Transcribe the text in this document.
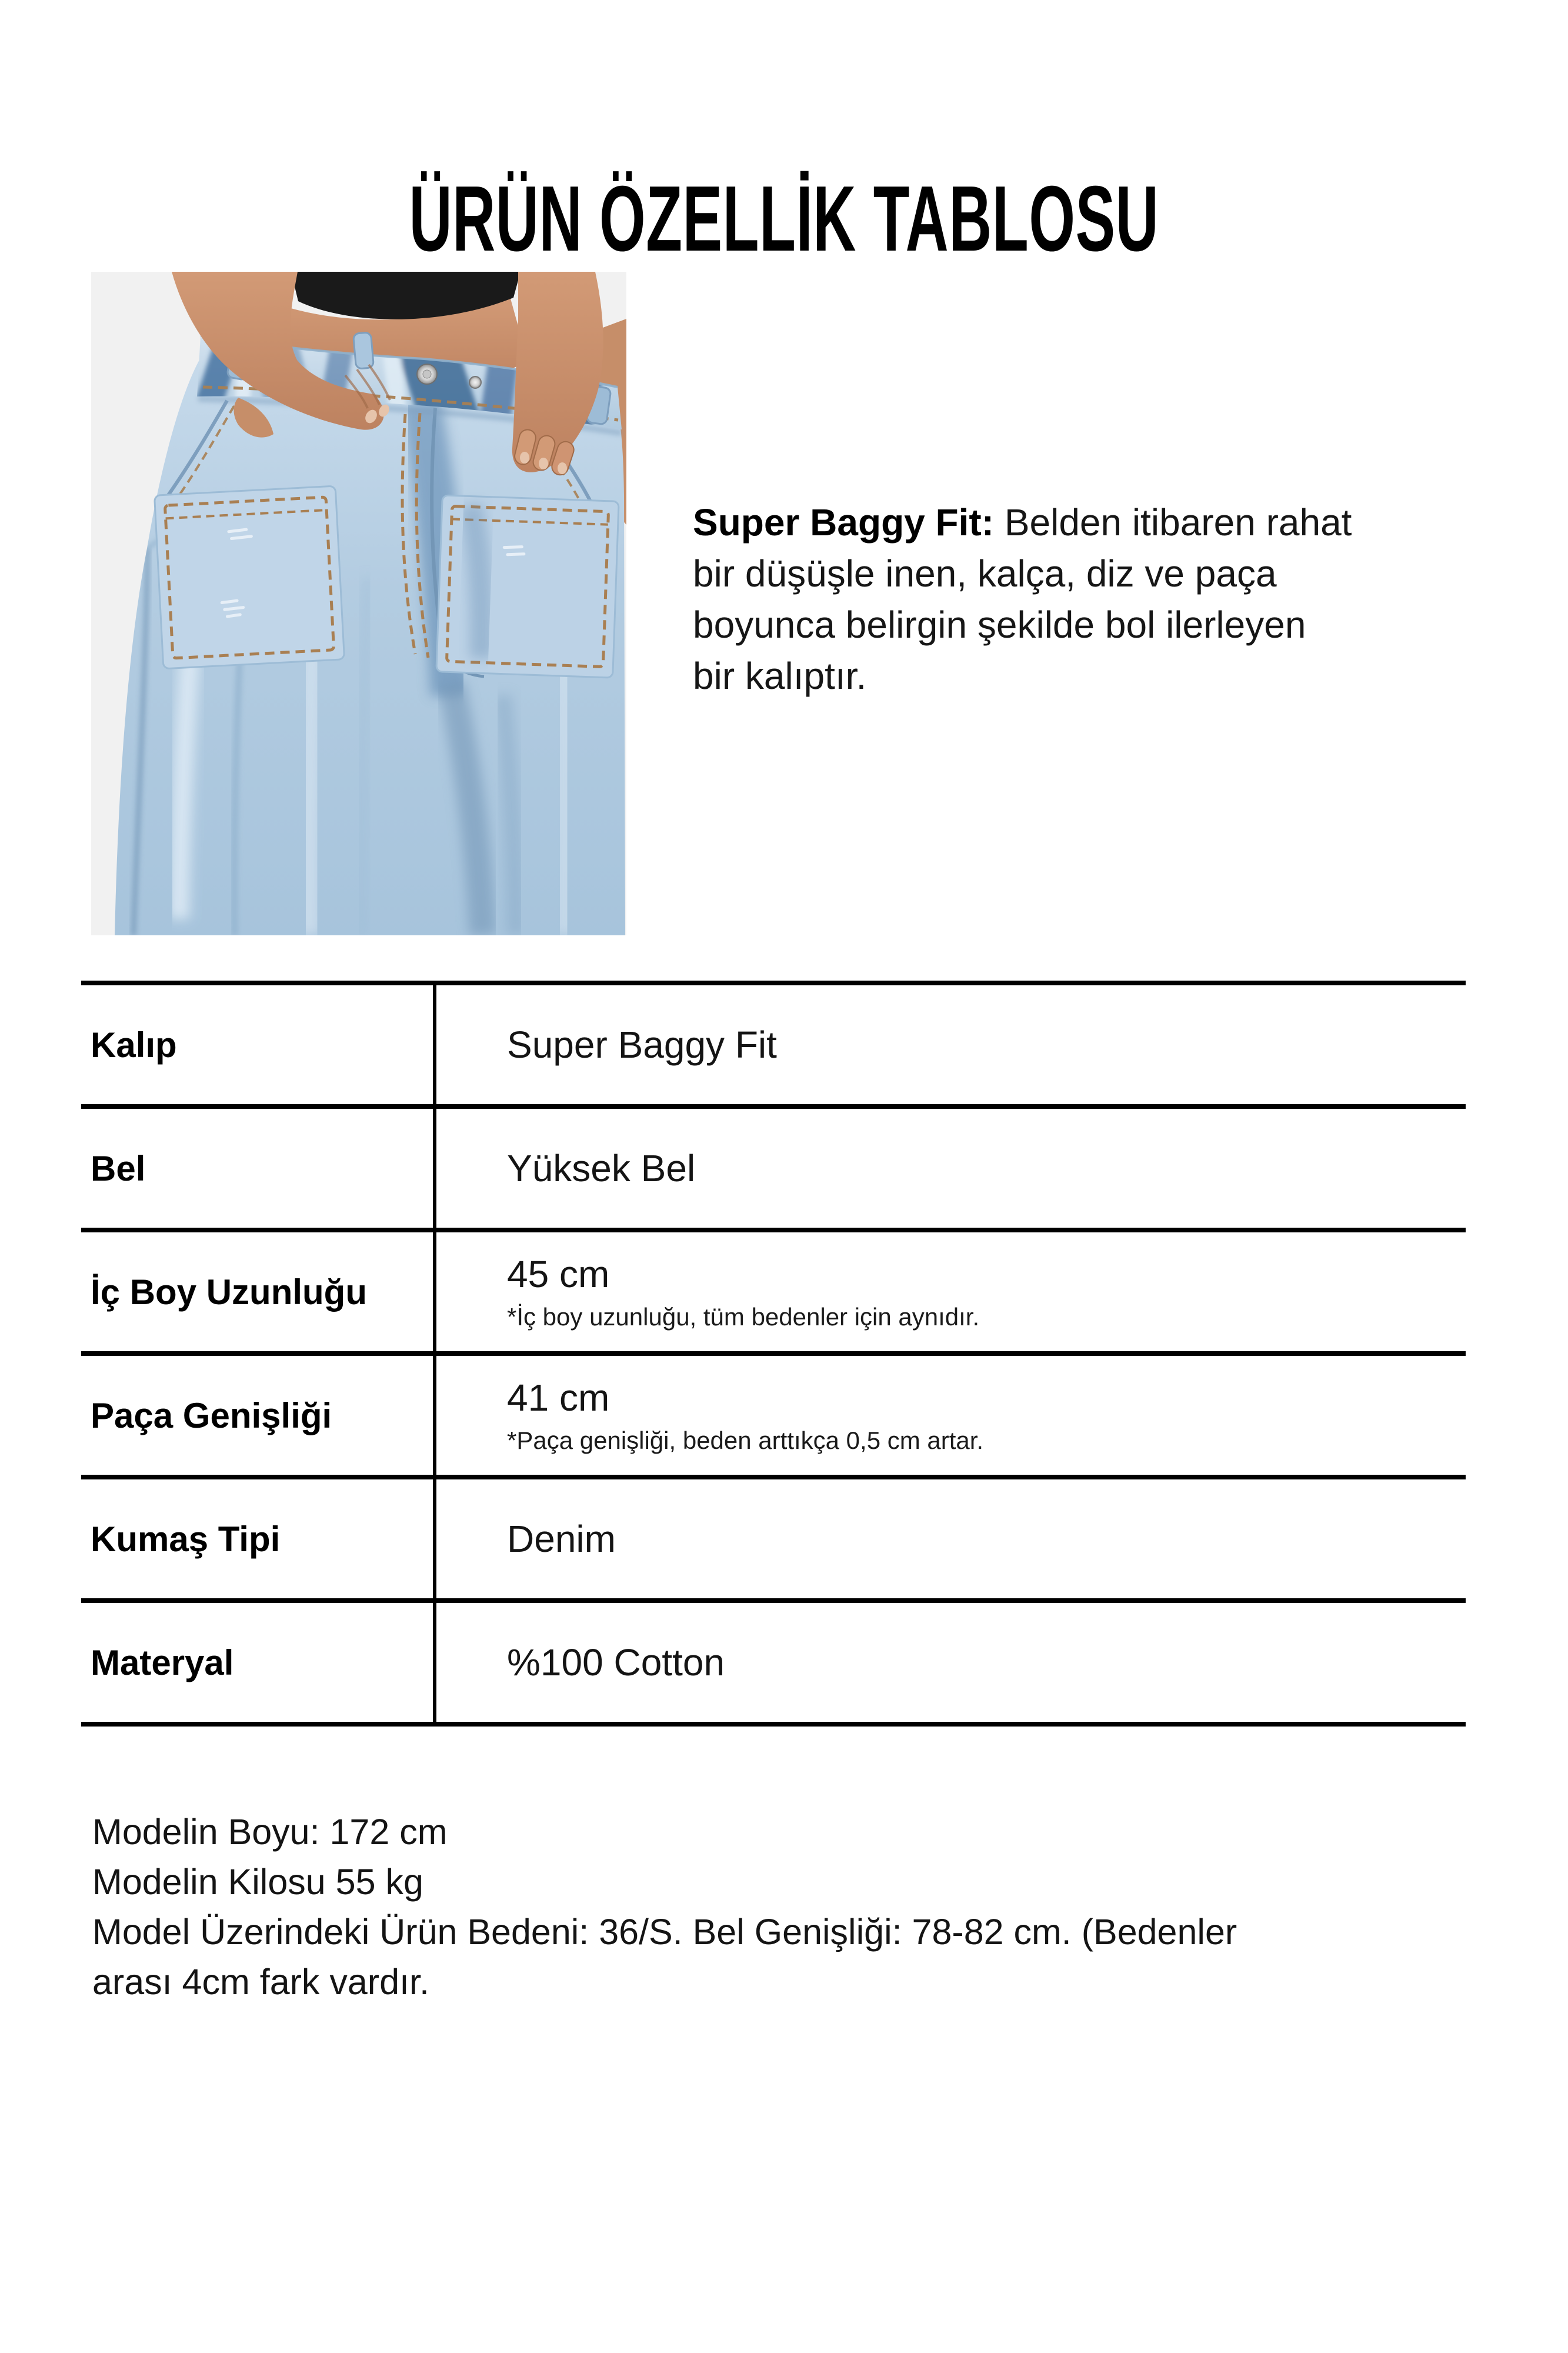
ÜRÜN ÖZELLİK TABLOSU

Super Baggy Fit: Belden itibaren rahat
bir düşüşle inen, kalça, diz ve paça
boyunca belirgin şekilde bol ilerleyen
bir kalıptır.

Kalıp	Super Baggy Fit
Bel	Yüksek Bel
İç Boy Uzunluğu	45 cm
*İç boy uzunluğu, tüm bedenler için aynıdır.
Paça Genişliği	41 cm
*Paça genişliği, beden arttıkça 0,5 cm artar.
Kumaş Tipi	Denim
Materyal	%100 Cotton

Modelin Boyu: 172 cm
Modelin Kilosu 55 kg
Model Üzerindeki Ürün Bedeni: 36/S. Bel Genişliği: 78-82 cm. (Bedenler
arası 4cm fark vardır.
